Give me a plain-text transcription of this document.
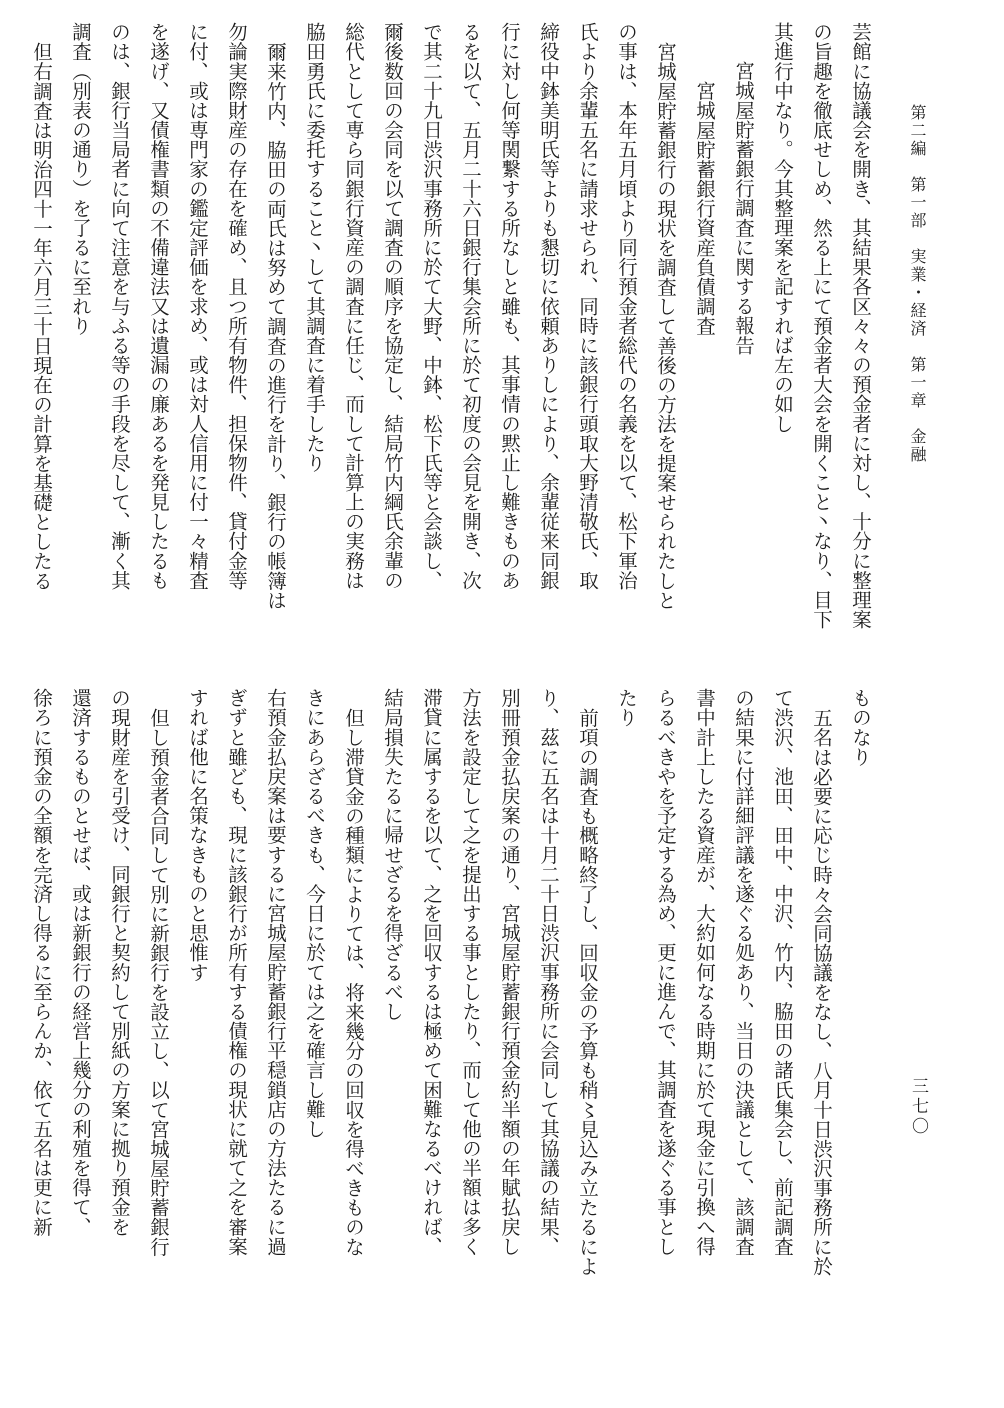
第二編　第一部　実業・経済　第一章　金融
三七〇
芸館に協議会を開き、其結果各区々々の預金者に対し、十分に整理案
の旨趣を徹底せしめ、然る上にて預金者大会を開くこと丶なり、目下
其進行中なり。今其整理案を記すれば左の如し
宮城屋貯蓄銀行調査に関する報告
宮城屋貯蓄銀行資産負債調査
宮城屋貯蓄銀行の現状を調査して善後の方法を提案せられたしと
の事は、本年五月頃より同行預金者総代の名義を以て、松下軍治
氏より余輩五名に請求せられ、同時に該銀行頭取大野清敬氏、取
締役中鉢美明氏等よりも懇切に依頼ありしにより、余輩従来同銀
行に対し何等関繋する所なしと雖も、其事情の黙止し難きものあ
るを以て、五月二十六日銀行集会所に於て初度の会見を開き、次
で其二十九日渋沢事務所に於て大野、中鉢、松下氏等と会談し、
爾後数回の会同を以て調査の順序を協定し、結局竹内綱氏余輩の
総代として専ら同銀行資産の調査に任じ、而して計算上の実務は
脇田勇氏に委托すること丶して其調査に着手したり
爾来竹内、脇田の両氏は努めて調査の進行を計り、銀行の帳簿は
勿論実際財産の存在を確め、且つ所有物件、担保物件、貸付金等
に付、或は専門家の鑑定評価を求め、或は対人信用に付一々精査
を遂げ、又債権書類の不備違法又は遺漏の廉あるを発見したるも
のは、銀行当局者に向て注意を与ふる等の手段を尽して、漸く其
調査（別表の通り）を了るに至れり
但右調査は明治四十一年六月三十日現在の計算を基礎としたる
ものなり
五名は必要に応じ時々会同協議をなし、八月十日渋沢事務所に於
て渋沢、池田、田中、中沢、竹内、脇田の諸氏集会し、前記調査
の結果に付詳細評議を遂ぐる処あり、当日の決議として、該調査
書中計上したる資産が、大約如何なる時期に於て現金に引換へ得
らるべきやを予定する為め、更に進んで、其調査を遂ぐる事とし
たり
前項の調査も概略終了し、回収金の予算も稍〻見込み立たるによ
り、茲に五名は十月二十日渋沢事務所に会同して其協議の結果、
別冊預金払戻案の通り、宮城屋貯蓄銀行預金約半額の年賦払戻し
方法を設定して之を提出する事としたり、而して他の半額は多く
滞貸に属するを以て、之を回収するは極めて困難なるべければ、
結局損失たるに帰せざるを得ざるべし
但し滞貸金の種類によりては、将来幾分の回収を得べきものな
きにあらざるべきも、今日に於ては之を確言し難し
右預金払戻案は要するに宮城屋貯蓄銀行平穏鎖店の方法たるに過
ぎずと雖ども、現に該銀行が所有する債権の現状に就て之を審案
すれば他に名策なきものと思惟す
但し預金者合同して別に新銀行を設立し、以て宮城屋貯蓄銀行
の現財産を引受け、同銀行と契約して別紙の方案に拠り預金を
還済するものとせば、或は新銀行の経営上幾分の利殖を得て、
徐ろに預金の全額を完済し得るに至らんか、依て五名は更に新
